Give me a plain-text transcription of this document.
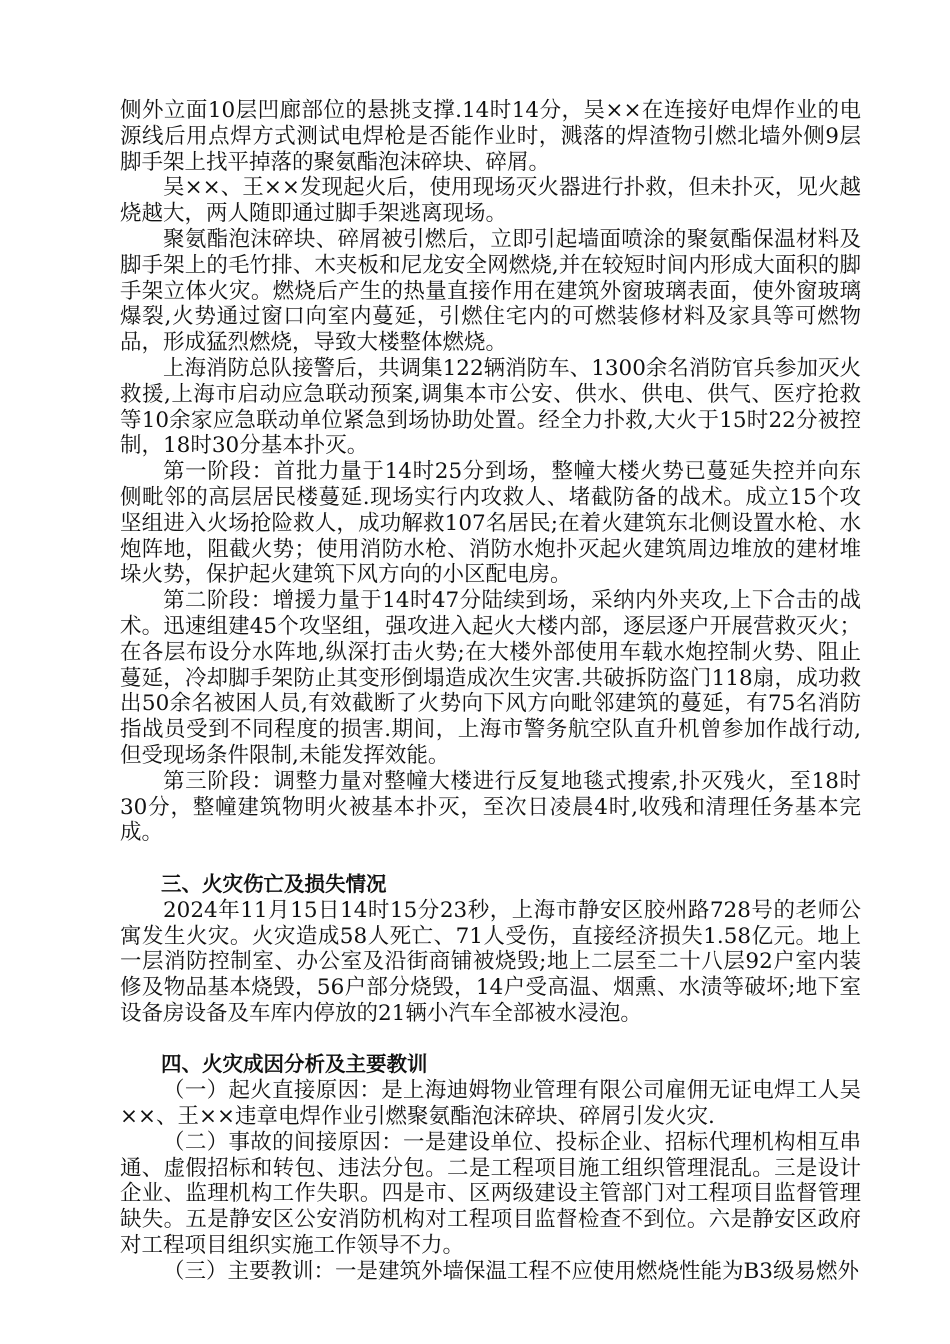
侧外立面10层凹廊部位的悬挑支撑.14时14分，吴××在连接好电焊作业的电源线后用点焊方式测试电焊枪是否能作业时，溅落的焊渣物引燃北墙外侧9层脚手架上找平掉落的聚氨酯泡沫碎块、碎屑。

吴××、王××发现起火后，使用现场灭火器进行扑救，但未扑灭，见火越烧越大，两人随即通过脚手架逃离现场。

聚氨酯泡沫碎块、碎屑被引燃后，立即引起墙面喷涂的聚氨酯保温材料及脚手架上的毛竹排、木夹板和尼龙安全网燃烧,并在较短时间内形成大面积的脚手架立体火灾。燃烧后产生的热量直接作用在建筑外窗玻璃表面，使外窗玻璃爆裂,火势通过窗口向室内蔓延，引燃住宅内的可燃装修材料及家具等可燃物品，形成猛烈燃烧，导致大楼整体燃烧。

上海消防总队接警后，共调集122辆消防车、1300余名消防官兵参加灭火救援,上海市启动应急联动预案,调集本市公安、供水、供电、供气、医疗抢救等10余家应急联动单位紧急到场协助处置。经全力扑救,大火于15时22分被控制，18时30分基本扑灭。

第一阶段：首批力量于14时25分到场，整幢大楼火势已蔓延失控并向东侧毗邻的高层居民楼蔓延.现场实行内攻救人、堵截防备的战术。成立15个攻坚组进入火场抢险救人，成功解救107名居民;在着火建筑东北侧设置水枪、水炮阵地，阻截火势；使用消防水枪、消防水炮扑灭起火建筑周边堆放的建材堆垛火势，保护起火建筑下风方向的小区配电房。

第二阶段：增援力量于14时47分陆续到场，采纳内外夹攻,上下合击的战术。迅速组建45个攻坚组，强攻进入起火大楼内部，逐层逐户开展营救灭火；在各层布设分水阵地,纵深打击火势;在大楼外部使用车载水炮控制火势、阻止蔓延，冷却脚手架防止其变形倒塌造成次生灾害.共破拆防盗门118扇，成功救出50余名被困人员,有效截断了火势向下风方向毗邻建筑的蔓延，有75名消防指战员受到不同程度的损害.期间，上海市警务航空队直升机曾参加作战行动,但受现场条件限制,未能发挥效能。

第三阶段：调整力量对整幢大楼进行反复地毯式搜索,扑灭残火，至18时30分，整幢建筑物明火被基本扑灭，至次日凌晨4时,收残和清理任务基本完成。

三、火灾伤亡及损失情况

2024年11月15日14时15分23秒，上海市静安区胶州路728号的老师公寓发生火灾。火灾造成58人死亡、71人受伤，直接经济损失1.58亿元。地上一层消防控制室、办公室及沿街商铺被烧毁;地上二层至二十八层92户室内装修及物品基本烧毁，56户部分烧毁，14户受高温、烟熏、水渍等破坏;地下室设备房设备及车库内停放的21辆小汽车全部被水浸泡。

四、火灾成因分析及主要教训

（一）起火直接原因：是上海迪姆物业管理有限公司雇佣无证电焊工人吴××、王××违章电焊作业引燃聚氨酯泡沫碎块、碎屑引发火灾.

（二）事故的间接原因：一是建设单位、投标企业、招标代理机构相互串通、虚假招标和转包、违法分包。二是工程项目施工组织管理混乱。三是设计企业、监理机构工作失职。四是市、区两级建设主管部门对工程项目监督管理缺失。五是静安区公安消防机构对工程项目监督检查不到位。六是静安区政府对工程项目组织实施工作领导不力。

（三）主要教训：一是建筑外墙保温工程不应使用燃烧性能为B3级易燃外
